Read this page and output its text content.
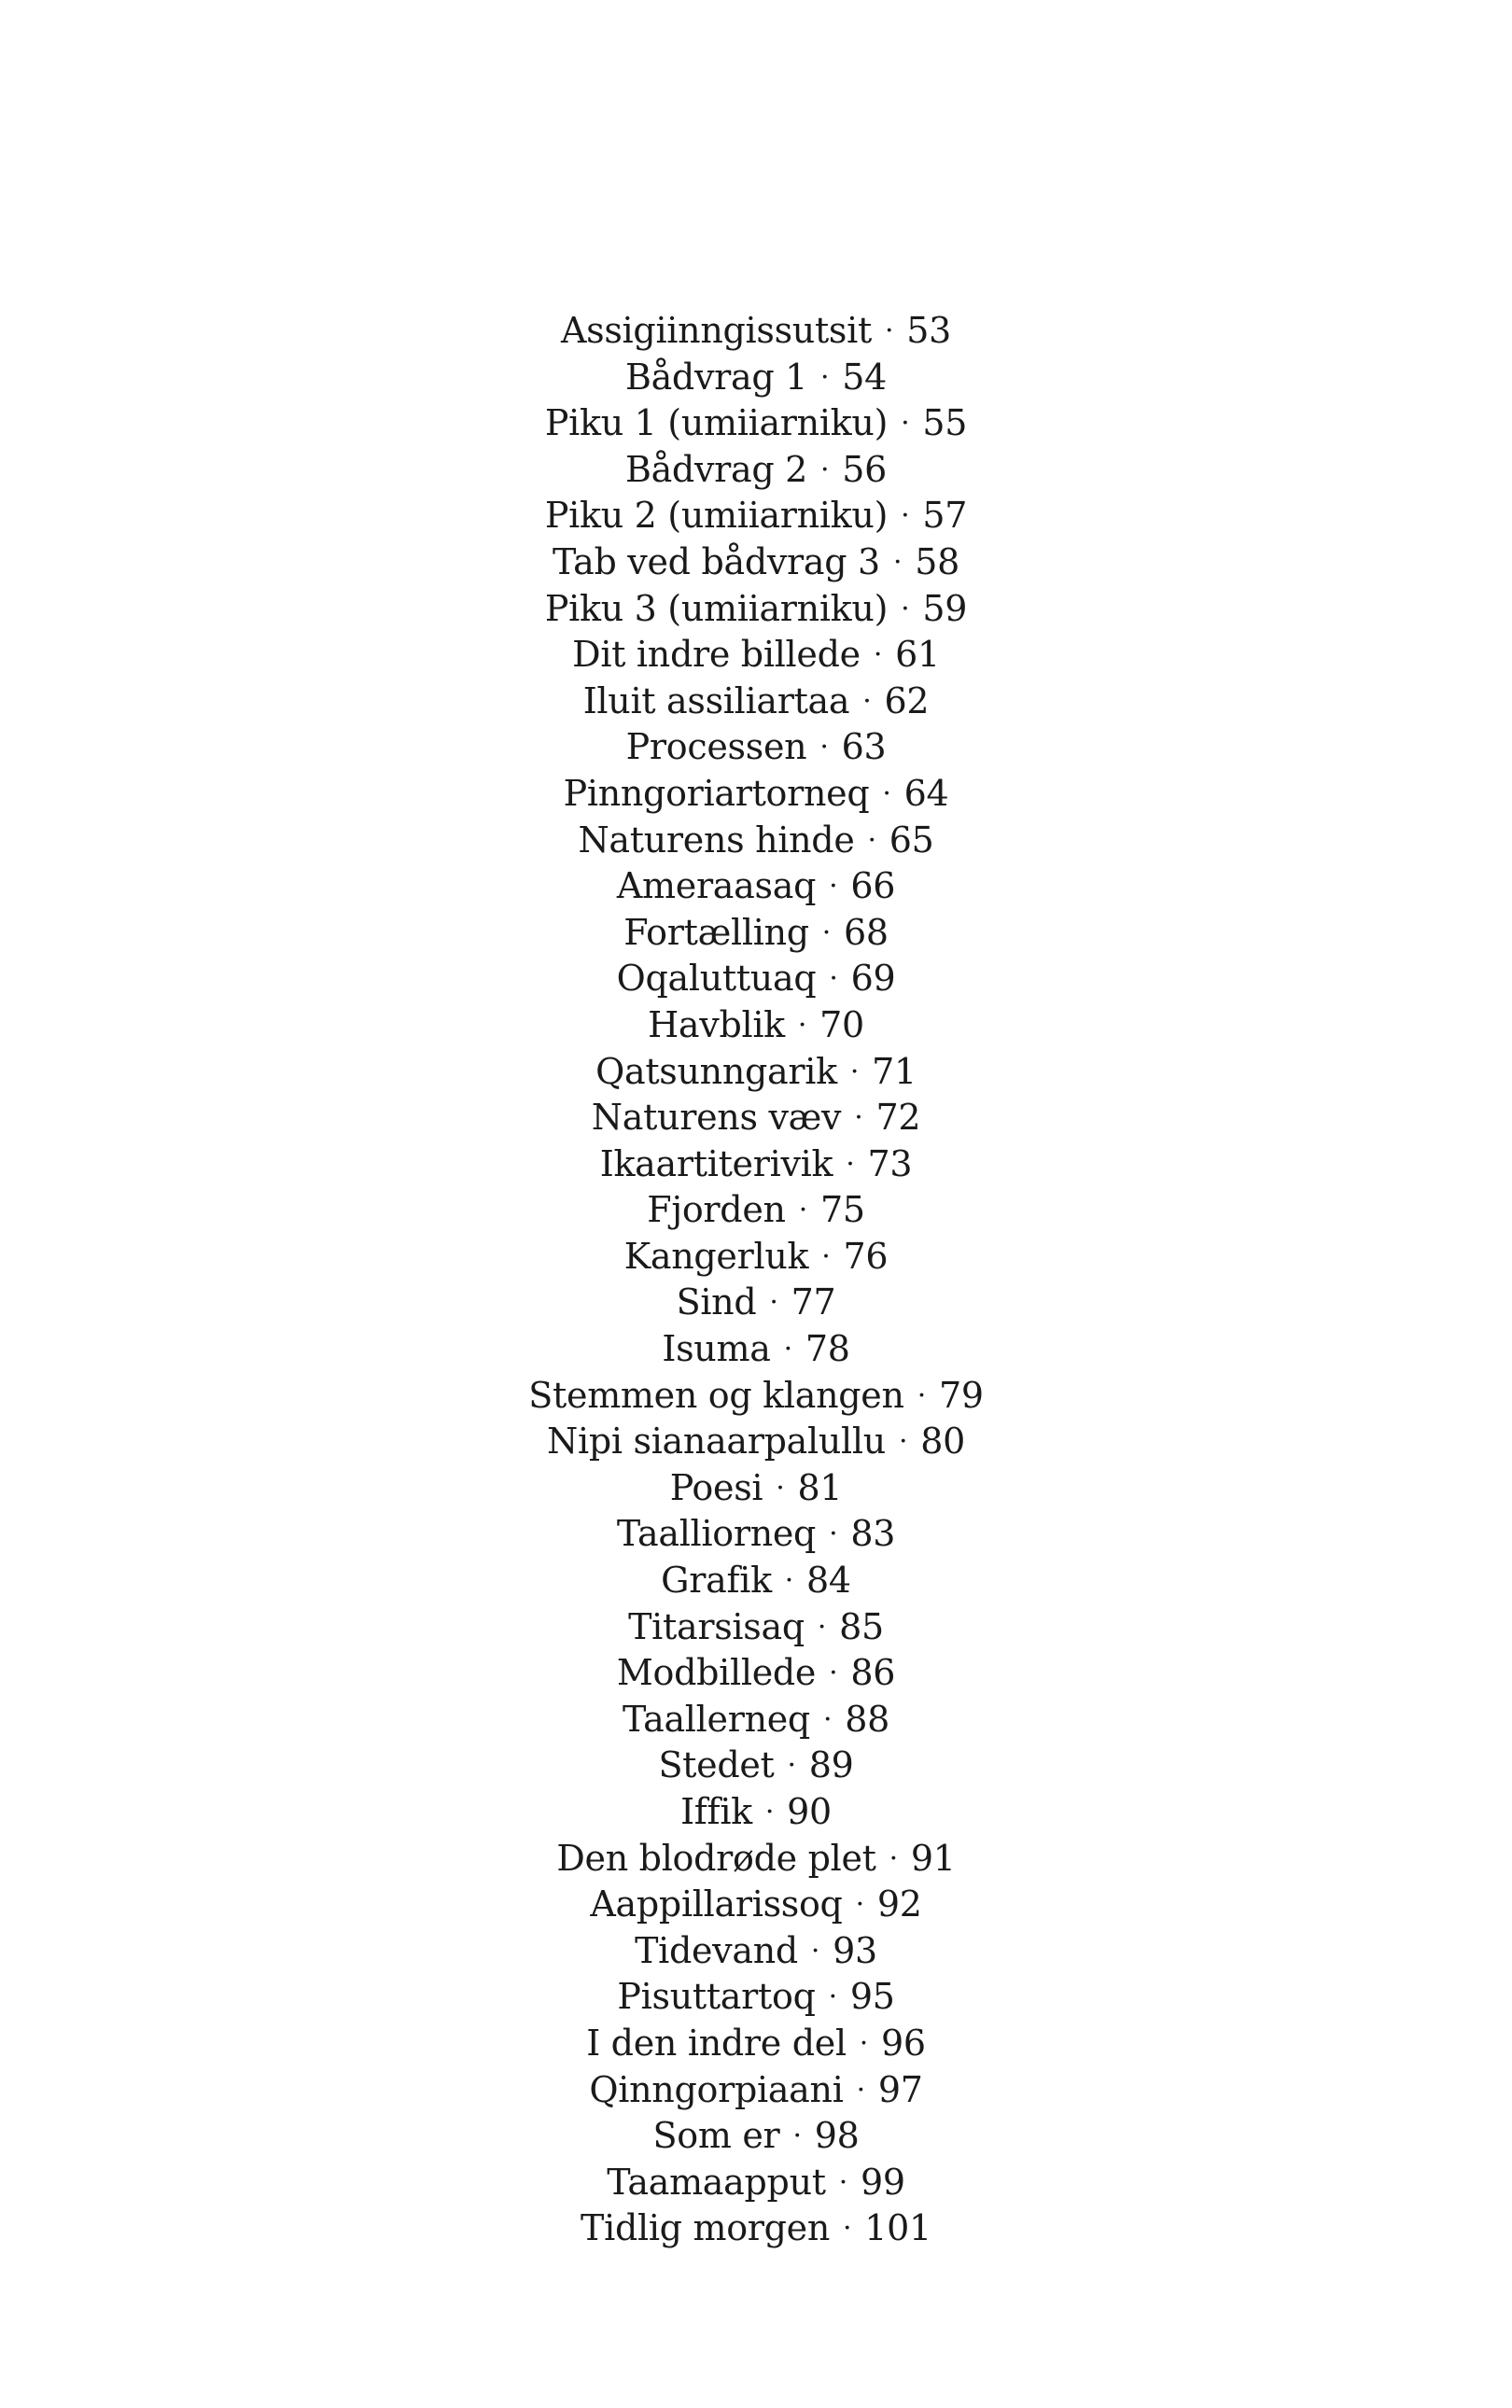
Assigiinngissutsit · 53
Bådvrag 1 · 54
Piku 1 (umiiarniku) · 55
Bådvrag 2 · 56
Piku 2 (umiiarniku) · 57
Tab ved bådvrag 3 · 58
Piku 3 (umiiarniku) · 59
Dit indre billede · 61
Iluit assiliartaa · 62
Processen · 63
Pinngoriartorneq · 64
Naturens hinde · 65
Ameraasaq · 66
Fortælling · 68
Oqaluttuaq · 69
Havblik · 70
Qatsunngarik · 71
Naturens væv · 72
Ikaartiterivik · 73
Fjorden · 75
Kangerluk · 76
Sind · 77
Isuma · 78
Stemmen og klangen · 79
Nipi sianaarpalullu · 80
Poesi · 81
Taalliorneq · 83
Grafik · 84
Titarsisaq · 85
Modbillede · 86
Taallerneq · 88
Stedet · 89
Iffik · 90
Den blodrøde plet · 91
Aappillarissoq · 92
Tidevand · 93
Pisuttartoq · 95
I den indre del · 96
Qinngorpiaani · 97
Som er · 98
Taamaapput · 99
Tidlig morgen · 101
